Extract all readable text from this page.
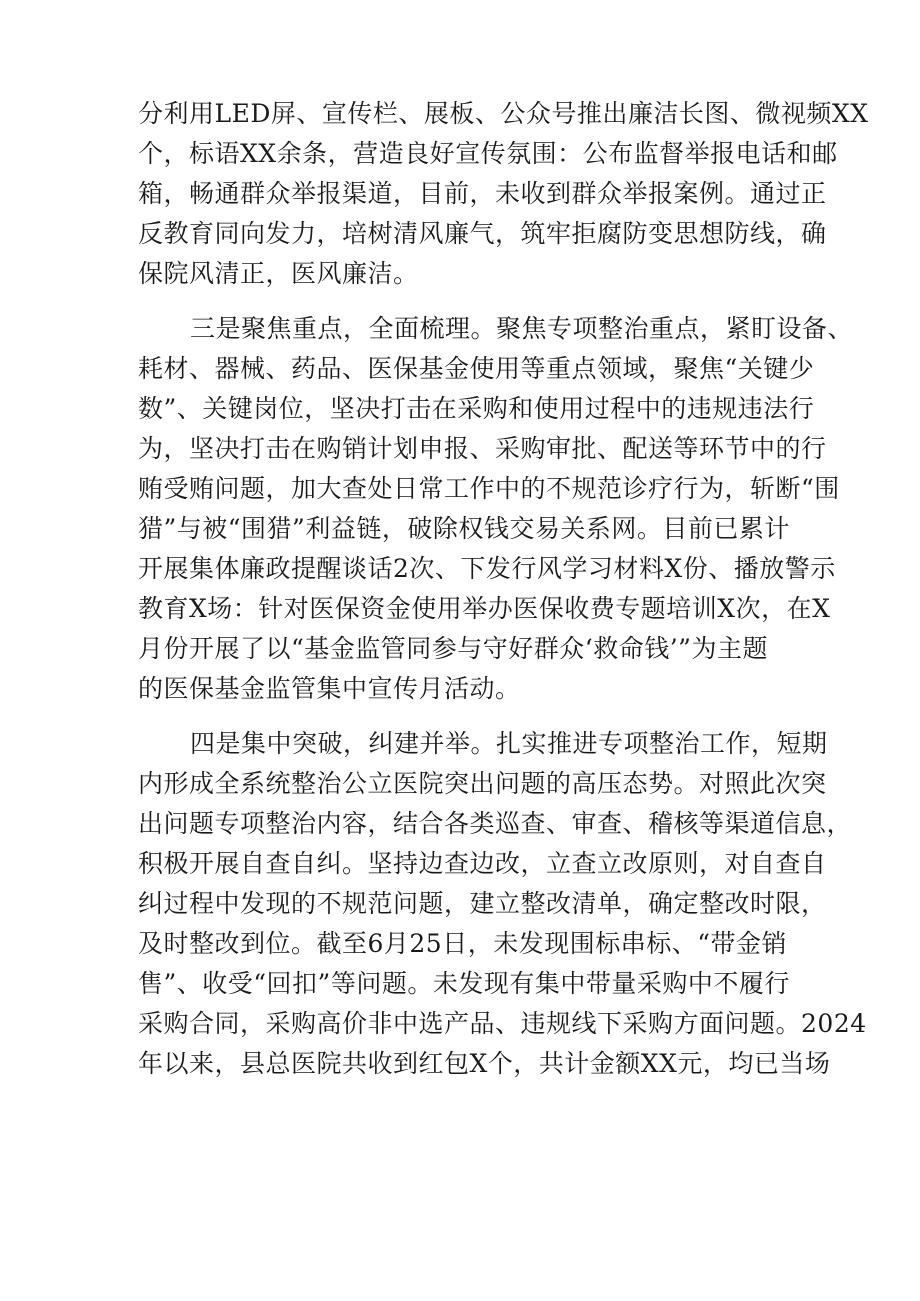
分利用LED屏、宣传栏、展板、公众号推出廉洁长图、微视频XX
个，标语XX余条，营造良好宣传氛围：公布监督举报电话和邮
箱，畅通群众举报渠道，目前，未收到群众举报案例。通过正
反教育同向发力，培树清风廉气，筑牢拒腐防变思想防线，确
保院风清正，医风廉洁。
三是聚焦重点，全面梳理。聚焦专项整治重点，紧盯设备、
耗材、器械、药品、医保基金使用等重点领域，聚焦“关键少
数”、关键岗位，坚决打击在采购和使用过程中的违规违法行
为，坚决打击在购销计划申报、采购审批、配送等环节中的行
贿受贿问题，加大查处日常工作中的不规范诊疗行为，斩断“围
猎”与被“围猎”利益链，破除权钱交易关系网。目前已累计
开展集体廉政提醒谈话2次、下发行风学习材料X份、播放警示
教育X场：针对医保资金使用举办医保收费专题培训X次，在X
月份开展了以“基金监管同参与守好群众‘救命钱’”为主题
的医保基金监管集中宣传月活动。
四是集中突破，纠建并举。扎实推进专项整治工作，短期
内形成全系统整治公立医院突出问题的高压态势。对照此次突
出问题专项整治内容，结合各类巡查、审查、稽核等渠道信息，
积极开展自查自纠。坚持边查边改，立查立改原则，对自查自
纠过程中发现的不规范问题，建立整改清单，确定整改时限，
及时整改到位。截至6月25日，未发现围标串标、“带金销
售”、收受“回扣”等问题。未发现有集中带量采购中不履行
采购合同，采购高价非中选产品、违规线下采购方面问题。2024
年以来，县总医院共收到红包X个，共计金额XX元，均已当场
